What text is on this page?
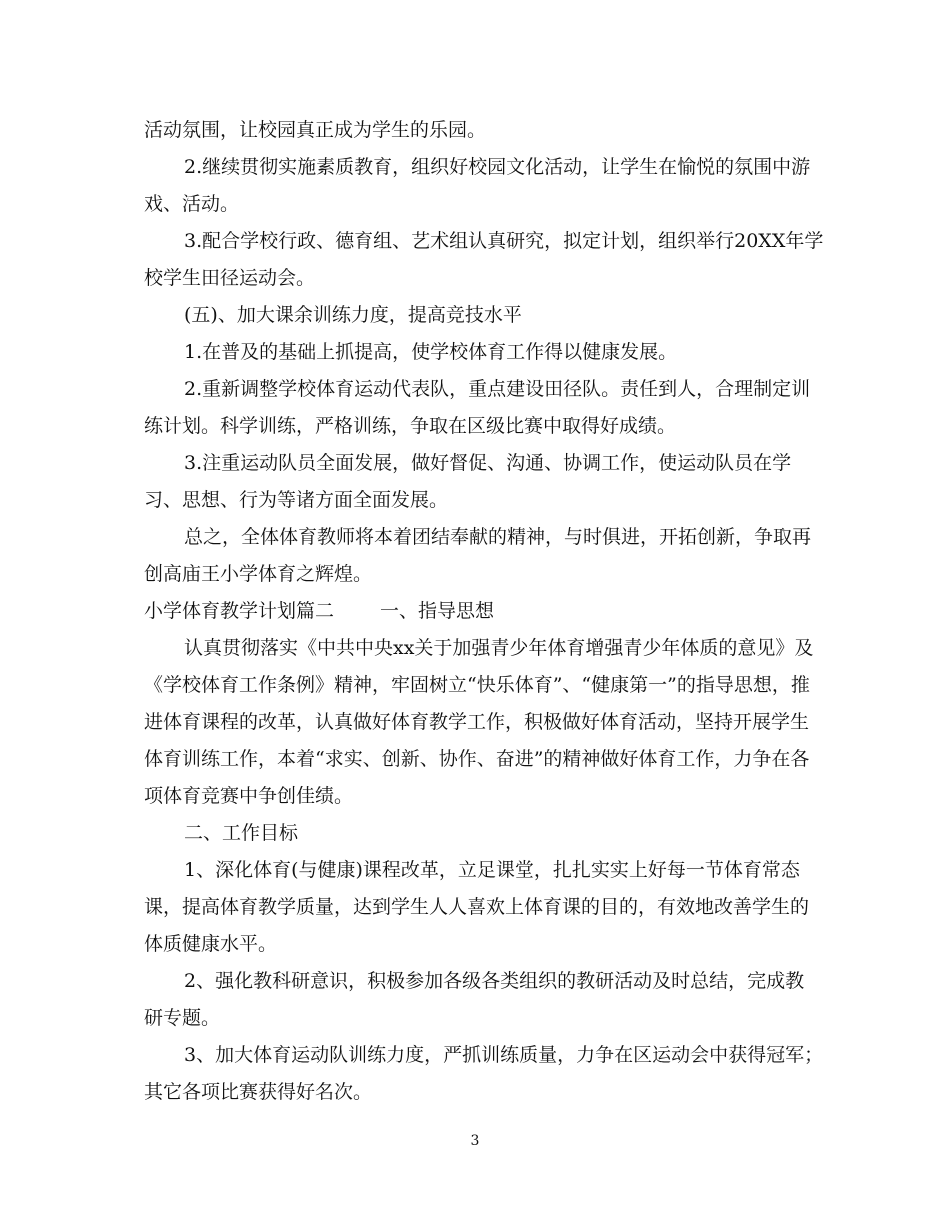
活动氛围，让校园真正成为学生的乐园。

2.继续贯彻实施素质教育，组织好校园文化活动，让学生在愉悦的氛围中游
戏、活动。

3.配合学校行政、德育组、艺术组认真研究，拟定计划，组织举行20XX年学
校学生田径运动会。

(五)、加大课余训练力度，提高竞技水平

1.在普及的基础上抓提高，使学校体育工作得以健康发展。

2.重新调整学校体育运动代表队，重点建设田径队。责任到人，合理制定训
练计划。科学训练，严格训练，争取在区级比赛中取得好成绩。

3.注重运动队员全面发展，做好督促、沟通、协调工作，使运动队员在学
习、思想、行为等诸方面全面发展。

总之，全体体育教师将本着团结奉献的精神，与时俱进，开拓创新，争取再
创高庙王小学体育之辉煌。

小学体育教学计划篇二 一、指导思想

认真贯彻落实《中共中央xx关于加强青少年体育增强青少年体质的意见》及
《学校体育工作条例》精神，牢固树立“快乐体育”、“健康第一”的指导思想，推
进体育课程的改革，认真做好体育教学工作，积极做好体育活动，坚持开展学生
体育训练工作，本着“求实、创新、协作、奋进”的精神做好体育工作，力争在各
项体育竞赛中争创佳绩。

二、工作目标

1、深化体育(与健康)课程改革，立足课堂，扎扎实实上好每一节体育常态
课，提高体育教学质量，达到学生人人喜欢上体育课的目的，有效地改善学生的
体质健康水平。

2、强化教科研意识，积极参加各级各类组织的教研活动及时总结，完成教
研专题。

3、加大体育运动队训练力度，严抓训练质量，力争在区运动会中获得冠军；
其它各项比赛获得好名次。

3
